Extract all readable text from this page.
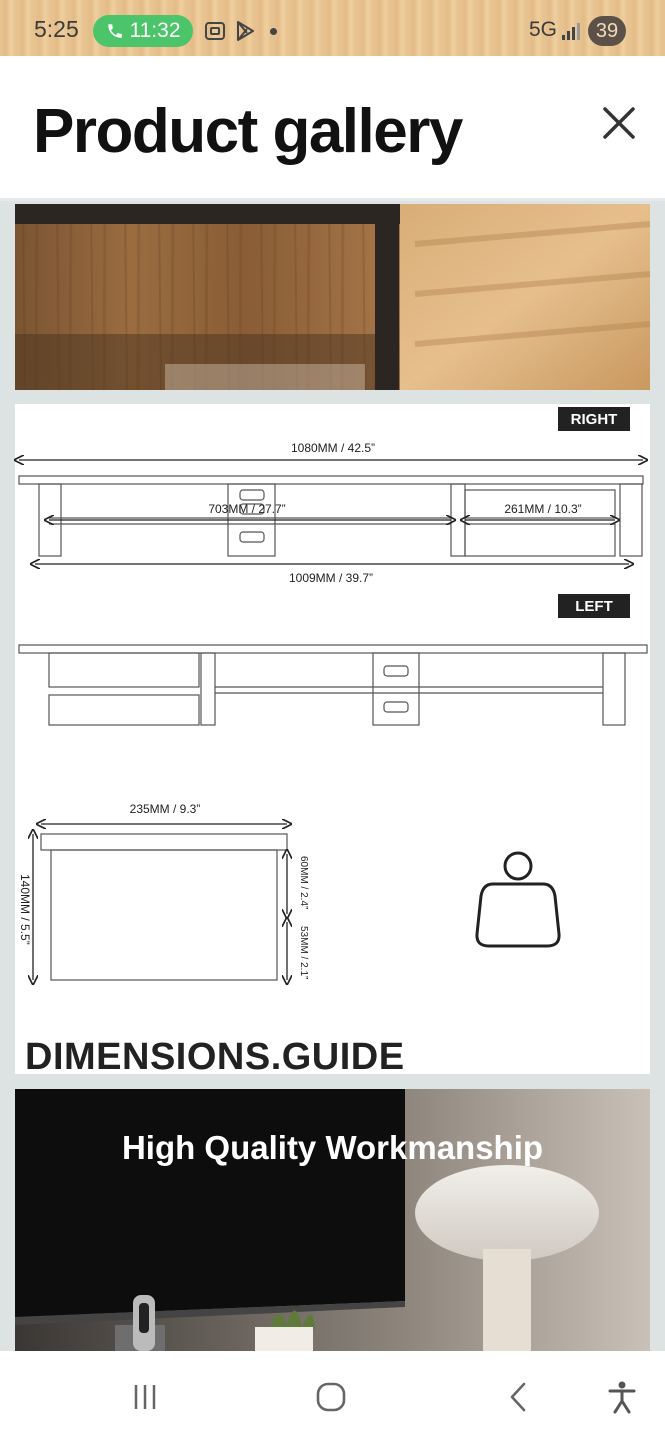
5:25 11:32	5G 39
Product gallery
RIGHT
LEFT
1080MM / 42.5”
703MM / 27.7”	261MM / 10.3”
1009MM / 39.7”
235MM / 9.3”
140MM / 5.5”	60MM / 2.4”
53MM / 2.1”
DIMENSIONS.GUIDE
High Quality Workmanship
